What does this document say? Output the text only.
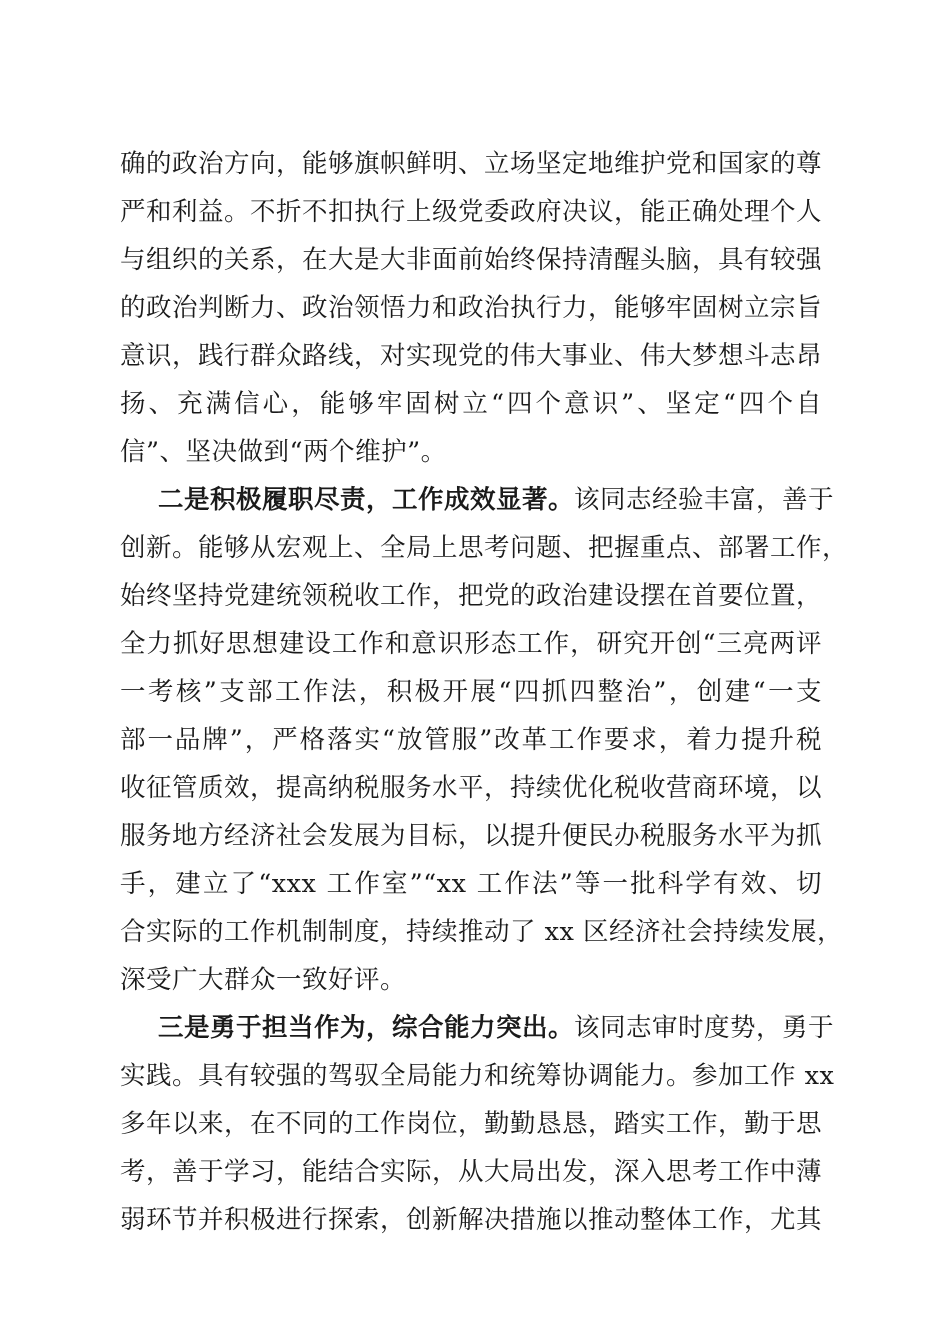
确的政治方向，能够旗帜鲜明、立场坚定地维护党和国家的尊
严和利益。不折不扣执行上级党委政府决议，能正确处理个人
与组织的关系，在大是大非面前始终保持清醒头脑，具有较强
的政治判断力、政治领悟力和政治执行力，能够牢固树立宗旨
意识，践行群众路线，对实现党的伟大事业、伟大梦想斗志昂
扬、充满信心，能够牢固树立“四个意识”、坚定“四个自
信”、坚决做到“两个维护”。
二是积极履职尽责，工作成效显著。该同志经验丰富，善于
创新。能够从宏观上、全局上思考问题、把握重点、部署工作，
始终坚持党建统领税收工作，把党的政治建设摆在首要位置，
全力抓好思想建设工作和意识形态工作，研究开创“三亮两评
一考核”支部工作法，积极开展“四抓四整治”，创建“一支
部一品牌”，严格落实“放管服”改革工作要求，着力提升税
收征管质效，提高纳税服务水平，持续优化税收营商环境，以
服务地方经济社会发展为目标，以提升便民办税服务水平为抓
手，建立了“xxx 工作室”“xx 工作法”等一批科学有效、切
合实际的工作机制制度，持续推动了 xx 区经济社会持续发展，
深受广大群众一致好评。
三是勇于担当作为，综合能力突出。该同志审时度势，勇于
实践。具有较强的驾驭全局能力和统筹协调能力。参加工作 xx
多年以来，在不同的工作岗位，勤勤恳恳，踏实工作，勤于思
考，善于学习，能结合实际，从大局出发，深入思考工作中薄
弱环节并积极进行探索，创新解决措施以推动整体工作，尤其
